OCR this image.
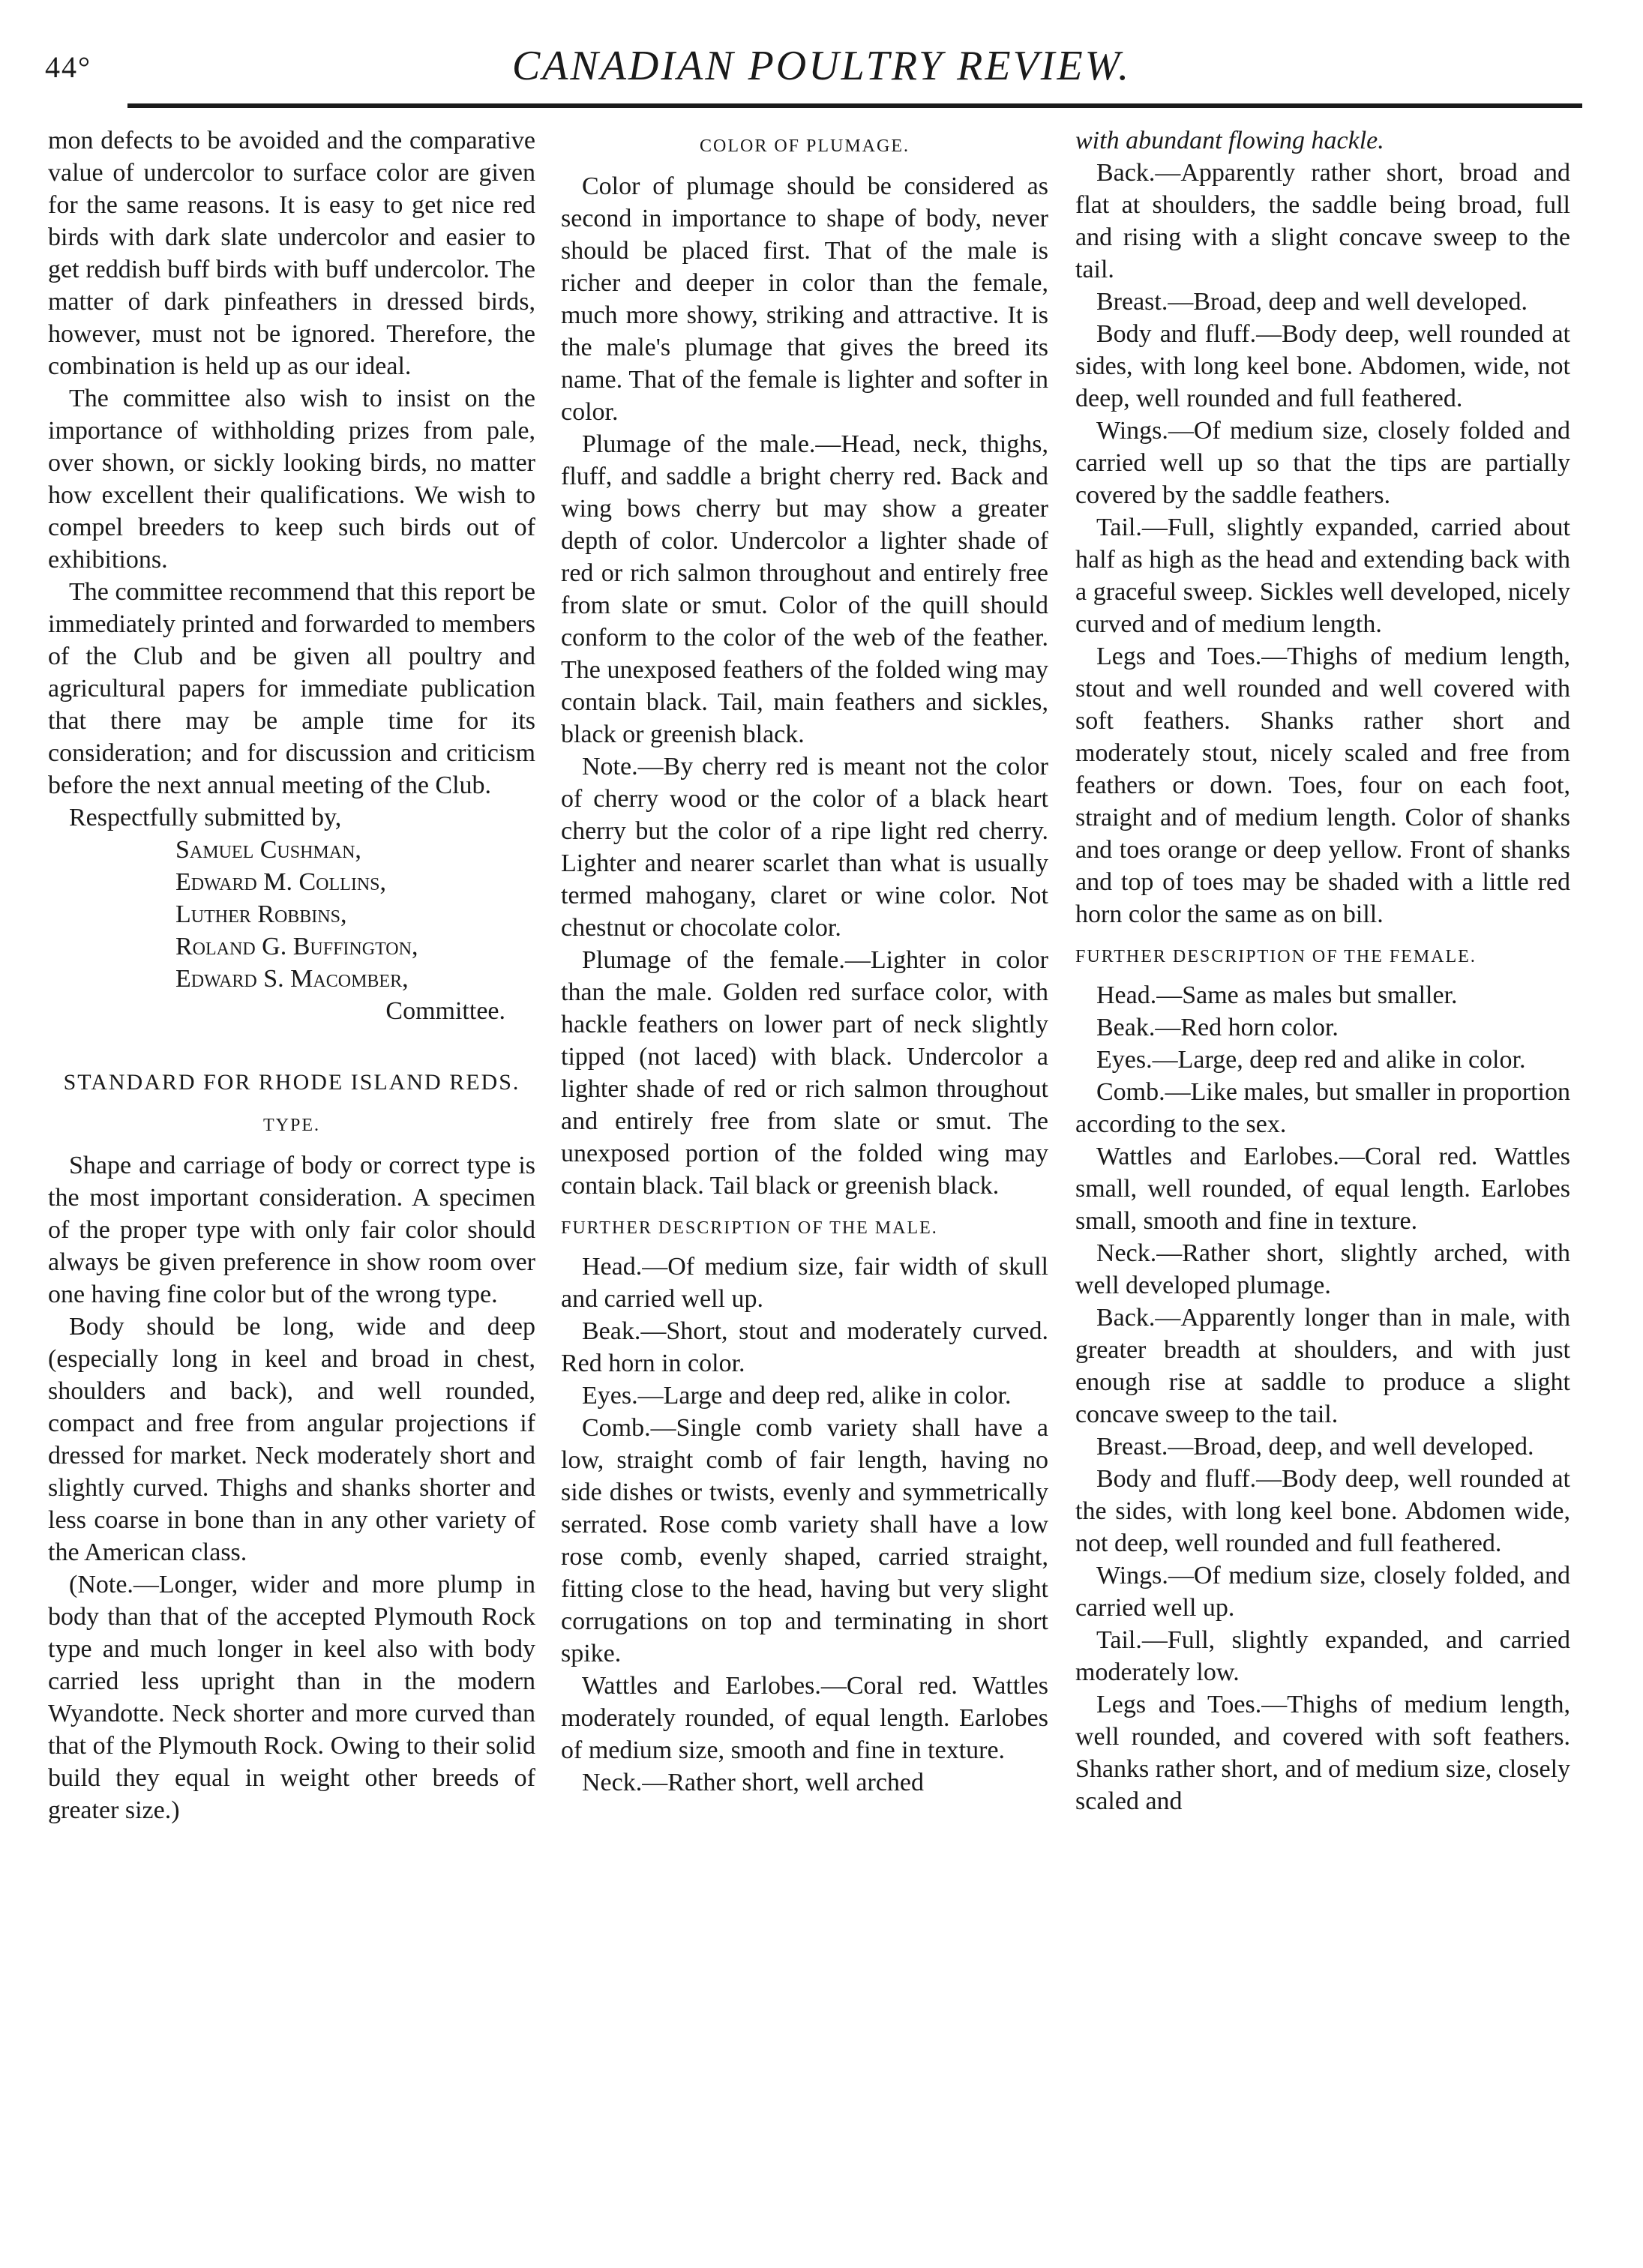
44°	CANADIAN POULTRY REVIEW.

mon defects to be avoided and the comparative value of undercolor to surface color are given for the same reasons. It is easy to get nice red birds with dark slate undercolor and easier to get reddish buff birds with buff undercolor. The matter of dark pinfeathers in dressed birds, however, must not be ignored. Therefore, the combination is held up as our ideal.

The committee also wish to insist on the importance of withholding prizes from pale, over shown, or sickly looking birds, no matter how excellent their qualifications. We wish to compel breeders to keep such birds out of exhibitions.

The committee recommend that this report be immediately printed and forwarded to members of the Club and be given all poultry and agricultural papers for immediate publication that there may be ample time for its consideration; and for discussion and criticism before the next annual meeting of the Club.

Respectfully submitted by,

Samuel Cushman,
Edward M. Collins,
Luther Robbins,
Roland G. Buffington,
Edward S. Macomber,
Committee.
STANDARD FOR RHODE ISLAND REDS.
TYPE.

Shape and carriage of body or correct type is the most important consideration. A specimen of the proper type with only fair color should always be given preference in show room over one having fine color but of the wrong type.

Body should be long, wide and deep (especially long in keel and broad in chest, shoulders and back), and well rounded, compact and free from angular projections if dressed for market. Neck moderately short and slightly curved. Thighs and shanks shorter and less coarse in bone than in any other variety of the American class.

(Note.—Longer, wider and more plump in body than that of the accepted Plymouth Rock type and much longer in keel also with body carried less upright than in the modern Wyandotte. Neck shorter and more curved than that of the Plymouth Rock. Owing to their solid build they equal in weight other breeds of greater size.)

COLOR OF PLUMAGE.

Color of plumage should be considered as second in importance to shape of body, never should be placed first. That of the male is richer and deeper in color than the female, much more showy, striking and attractive. It is the male's plumage that gives the breed its name. That of the female is lighter and softer in color.

Plumage of the male.—Head, neck, thighs, fluff, and saddle a bright cherry red. Back and wing bows cherry but may show a greater depth of color. Undercolor a lighter shade of red or rich salmon throughout and entirely free from slate or smut. Color of the quill should conform to the color of the web of the feather. The unexposed feathers of the folded wing may contain black. Tail, main feathers and sickles, black or greenish black.

Note.—By cherry red is meant not the color of cherry wood or the color of a black heart cherry but the color of a ripe light red cherry. Lighter and nearer scarlet than what is usually termed mahogany, claret or wine color. Not chestnut or chocolate color.

Plumage of the female.—Lighter in color than the male. Golden red surface color, with hackle feathers on lower part of neck slightly tipped (not laced) with black. Undercolor a lighter shade of red or rich salmon throughout and entirely free from slate or smut. The unexposed portion of the folded wing may contain black. Tail black or greenish black.

FURTHER DESCRIPTION OF THE MALE.

Head.—Of medium size, fair width of skull and carried well up.

Beak.—Short, stout and moderately curved. Red horn in color.

Eyes.—Large and deep red, alike in color.

Comb.—Single comb variety shall have a low, straight comb of fair length, having no side dishes or twists, evenly and symmetrically serrated. Rose comb variety shall have a low rose comb, evenly shaped, carried straight, fitting close to the head, having but very slight corrugations on top and terminating in short spike.

Wattles and Earlobes.—Coral red. Wattles moderately rounded, of equal length. Earlobes of medium size, smooth and fine in texture.

Neck.—Rather short, well arched

with abundant flowing hackle.

Back.—Apparently rather short, broad and flat at shoulders, the saddle being broad, full and rising with a slight concave sweep to the tail.

Breast.—Broad, deep and well developed.

Body and fluff.—Body deep, well rounded at sides, with long keel bone. Abdomen, wide, not deep, well rounded and full feathered.

Wings.—Of medium size, closely folded and carried well up so that the tips are partially covered by the saddle feathers.

Tail.—Full, slightly expanded, carried about half as high as the head and extending back with a graceful sweep. Sickles well developed, nicely curved and of medium length.

Legs and Toes.—Thighs of medium length, stout and well rounded and well covered with soft feathers. Shanks rather short and moderately stout, nicely scaled and free from feathers or down. Toes, four on each foot, straight and of medium length. Color of shanks and toes orange or deep yellow. Front of shanks and top of toes may be shaded with a little red horn color the same as on bill.

FURTHER DESCRIPTION OF THE FEMALE.

Head.—Same as males but smaller.

Beak.—Red horn color.

Eyes.—Large, deep red and alike in color.

Comb.—Like males, but smaller in proportion according to the sex.

Wattles and Earlobes.—Coral red. Wattles small, well rounded, of equal length. Earlobes small, smooth and fine in texture.

Neck.—Rather short, slightly arched, with well developed plumage.

Back.—Apparently longer than in male, with greater breadth at shoulders, and with just enough rise at saddle to produce a slight concave sweep to the tail.

Breast.—Broad, deep, and well developed.

Body and fluff.—Body deep, well rounded at the sides, with long keel bone. Abdomen wide, not deep, well rounded and full feathered.

Wings.—Of medium size, closely folded, and carried well up.

Tail.—Full, slightly expanded, and carried moderately low.

Legs and Toes.—Thighs of medium length, well rounded, and covered with soft feathers. Shanks rather short, and of medium size, closely scaled and
